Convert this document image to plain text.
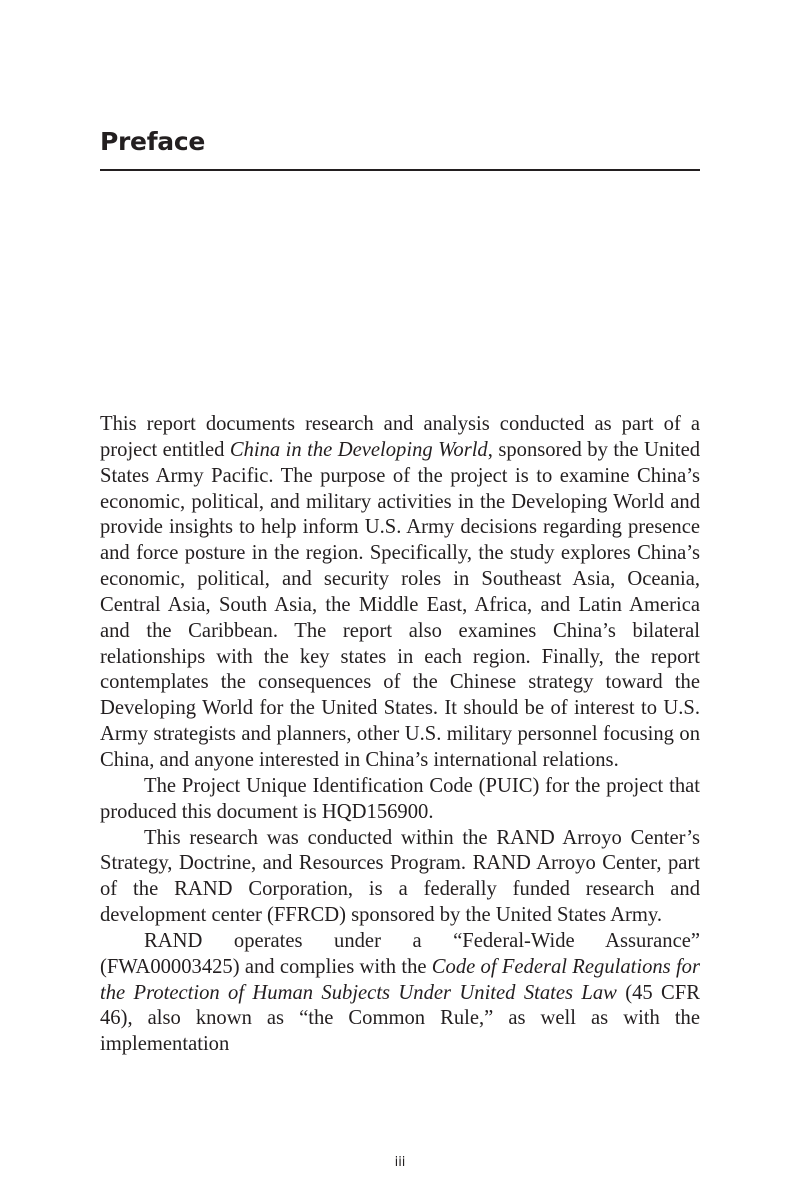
Preface

This report documents research and analysis conducted as part of a project entitled China in the Developing World, sponsored by the United States Army Pacific. The purpose of the project is to examine China’s economic, political, and military activities in the Developing World and provide insights to help inform U.S. Army decisions regarding presence and force posture in the region. Specifically, the study explores China’s economic, political, and security roles in Southeast Asia, Oceania, Central Asia, South Asia, the Middle East, Africa, and Latin America and the Caribbean. The report also examines China’s bilateral relationships with the key states in each region. Finally, the report contemplates the consequences of the Chinese strategy toward the Developing World for the United States. It should be of interest to U.S. Army strategists and planners, other U.S. military personnel focusing on China, and anyone interested in China’s international relations.

The Project Unique Identification Code (PUIC) for the project that produced this document is HQD156900.

This research was conducted within the RAND Arroyo Center’s Strategy, Doctrine, and Resources Program. RAND Arroyo Center, part of the RAND Corporation, is a federally funded research and development center (FFRCD) sponsored by the United States Army.

RAND operates under a “Federal-Wide Assurance” (FWA00003425) and complies with the Code of Federal Regulations for the Protection of Human Subjects Under United States Law (45 CFR 46), also known as “the Common Rule,” as well as with the implementation

iii
